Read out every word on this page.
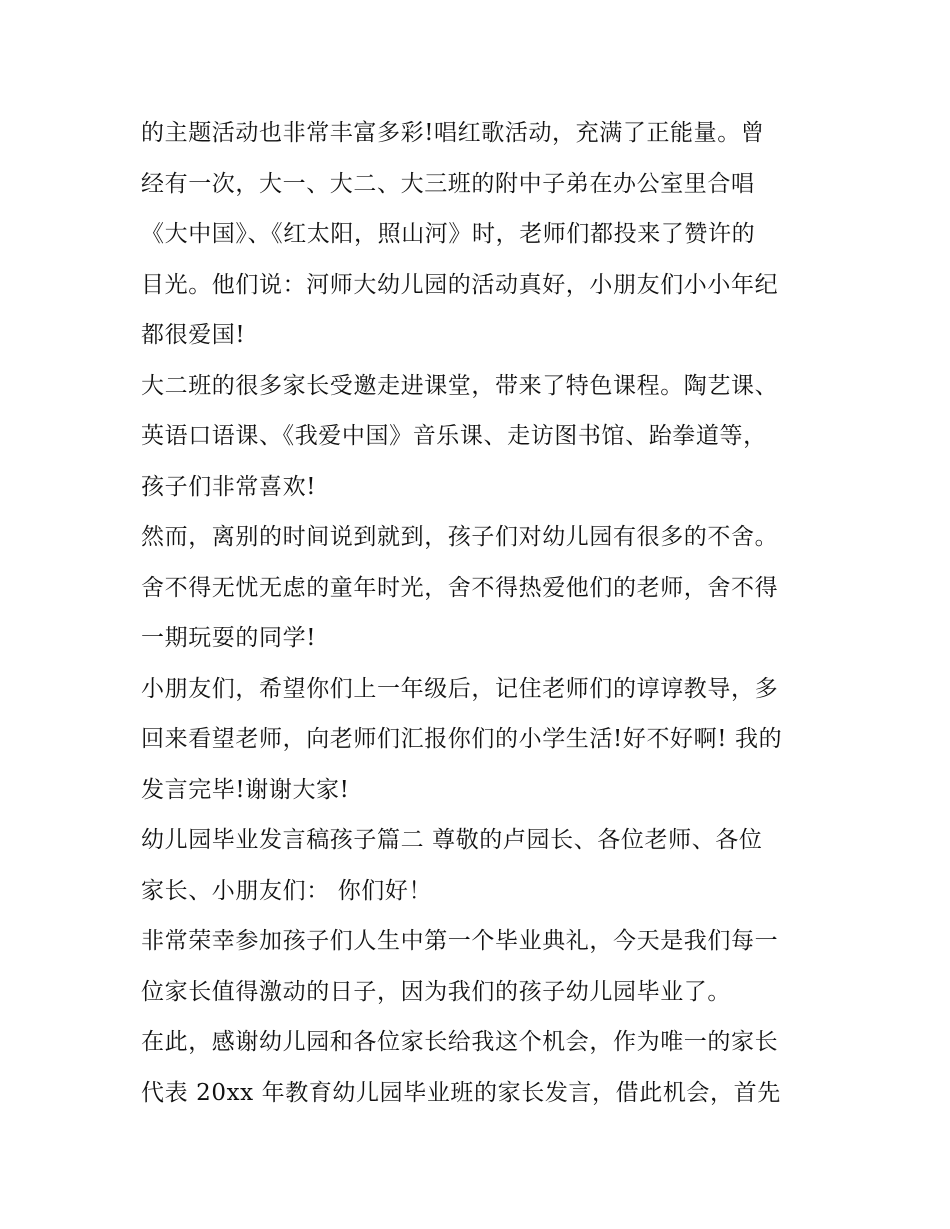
的主题活动也非常丰富多彩!唱红歌活动，充满了正能量。曾
经有一次，大一、大二、大三班的附中子弟在办公室里合唱
《大中国》、《红太阳，照山河》时，老师们都投来了赞许的
目光。他们说：河师大幼儿园的活动真好，小朋友们小小年纪
都很爱国!
大二班的很多家长受邀走进课堂，带来了特色课程。陶艺课、
英语口语课、《我爱中国》音乐课、走访图书馆、跆拳道等，
孩子们非常喜欢!
然而，离别的时间说到就到，孩子们对幼儿园有很多的不舍。
舍不得无忧无虑的童年时光，舍不得热爱他们的老师，舍不得
一期玩耍的同学!
小朋友们，希望你们上一年级后，记住老师们的谆谆教导，多
回来看望老师，向老师们汇报你们的小学生活!好不好啊! 我的
发言完毕!谢谢大家!
幼儿园毕业发言稿孩子篇二 尊敬的卢园长、各位老师、各位
家长、小朋友们： 你们好！
非常荣幸参加孩子们人生中第一个毕业典礼，今天是我们每一
位家长值得激动的日子，因为我们的孩子幼儿园毕业了。
在此，感谢幼儿园和各位家长给我这个机会，作为唯一的家长
代表 20xx 年教育幼儿园毕业班的家长发言，借此机会，首先
